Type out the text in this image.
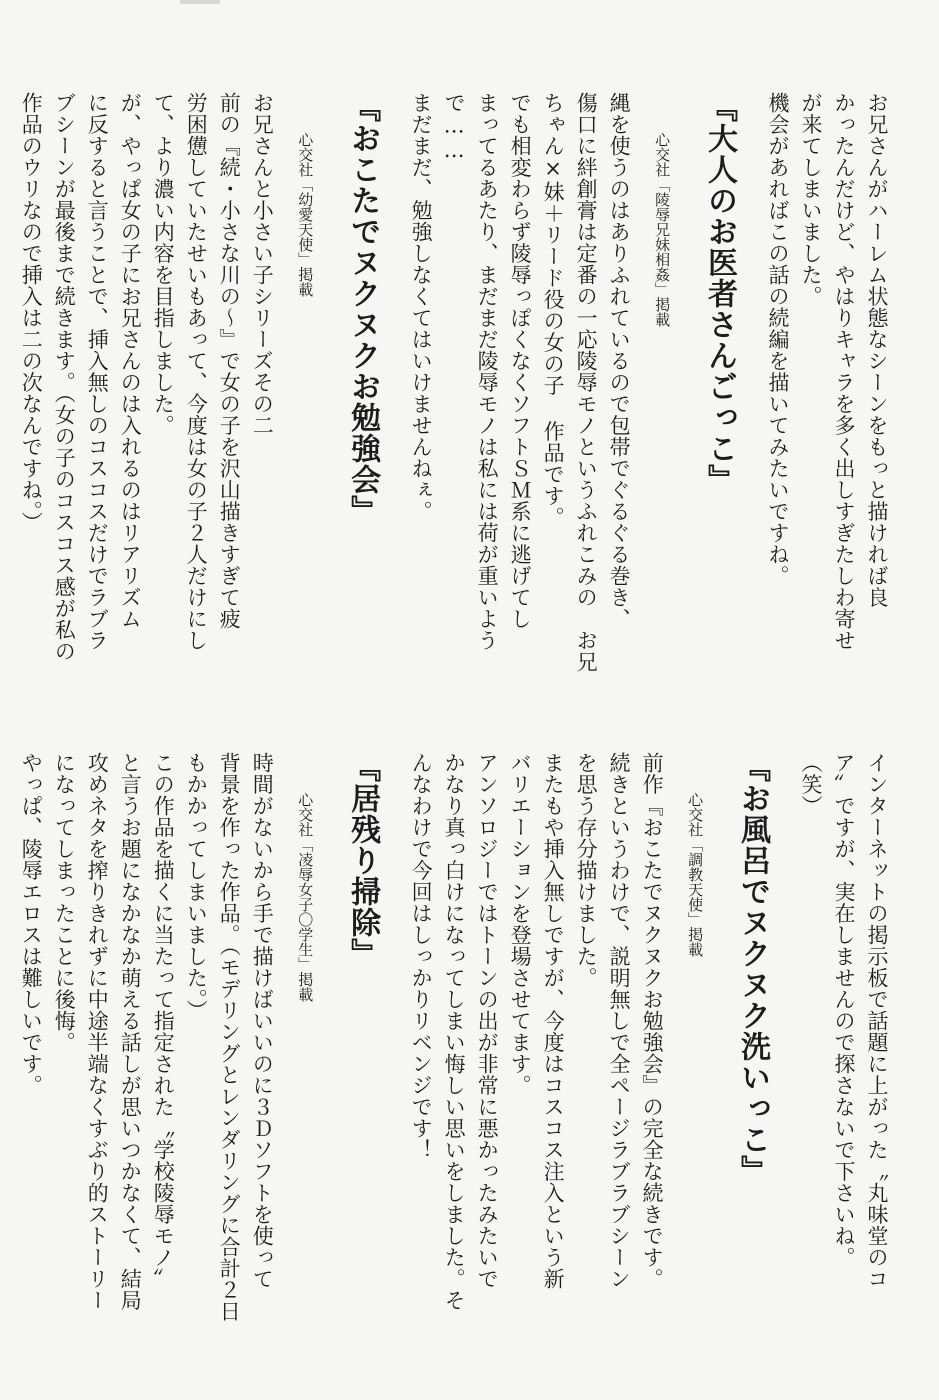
お兄さんがハーレム状態なシーンをもっと描ければ良

かったんだけど、やはりキャラを多く出しすぎたしわ寄せ

が来てしまいました。

機会があればこの話の続編を描いてみたいですね。

『大人のお医者さんごっこ』

心交社「陵辱兄妹相姦」掲載

縄を使うのはありふれているので包帯でぐるぐる巻き、

傷口に絆創膏は定番の一応陵辱モノというふれこみの　お兄

ちゃん×妹＋リード役の女の子 作品です。

でも相変わらず陵辱っぽくなくソフトＳＭ系に逃げてし

まってるあたり、まだまだ陵辱モノは私には荷が重いよう

で……

まだまだ、勉強しなくてはいけませんねぇ。

『おこたでヌクヌクお勉強会』

心交社「幼愛天使」掲載

お兄さんと小さい子シリーズその二

前の『続・小さな川の～』で女の子を沢山描きすぎて疲

労困憊していたせいもあって、今度は女の子２人だけにし

て、より濃い内容を目指しました。

が、やっぱ女の子にお兄さんのは入れるのはリアリズム

に反すると言うことで、挿入無しのコスコスだけでラブラ

ブシーンが最後まで続きます。（女の子のコスコス感が私の

作品のウリなので挿入は二の次なんですね。）

インターネットの掲示板で話題に上がった〝丸味堂のコ

ア〟ですが、実在しませんので探さないで下さいね。

（笑）

『お風呂でヌクヌク洗いっこ』

心交社「調教天使」掲載

前作『おこたでヌクヌクお勉強会』の完全な続きです。

続きというわけで、説明無しで全ページラブラブシーン

を思う存分描けました。

またもや挿入無しですが、今度はコスコス注入という新

バリエーションを登場させてます。

アンソロジーではトーンの出が非常に悪かったみたいで

かなり真っ白けになってしまい悔しい思いをしました。そ

んなわけで今回はしっかりリベンジです！

『居残り掃除』

心交社「凌辱女子〇学生」掲載

時間がないから手で描けばいいのに３Ｄソフトを使って

背景を作った作品。（モデリングとレンダリングに合計２日

もかかってしまいました。）

この作品を描くに当たって指定された〝学校陵辱モノ〟

と言うお題になかなか萌える話しが思いつかなくて、結局

攻めネタを搾りきれずに中途半端なくすぶり的ストーリー

になってしまったことに後悔。

やっぱ、陵辱エロスは難しいです。
